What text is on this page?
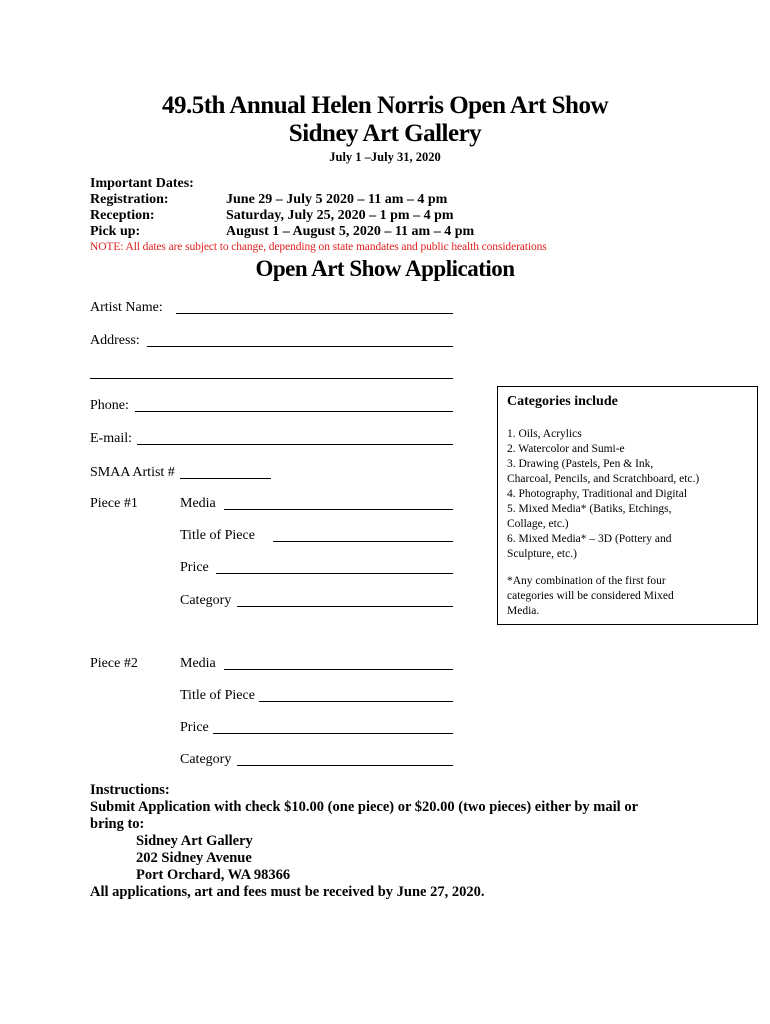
49.5th Annual Helen Norris Open Art Show
Sidney Art Gallery
July 1 –July 31, 2020
Important Dates:
Registration:	June 29 – July 5 2020 – 11 am – 4 pm
Reception:	Saturday, July 25, 2020 – 1 pm – 4 pm
Pick up:	August 1 – August 5, 2020 – 11 am – 4 pm
NOTE: All dates are subject to change, depending on state mandates and public health considerations
Open Art Show Application
Artist Name:
Address:
Phone:
E-mail:
SMAA Artist #
Piece #1	Media
Title of Piece
Price
Category
Piece #2	Media
Title of Piece
Price
Category
Categories include
1. Oils, Acrylics
2. Watercolor and Sumi-e
3. Drawing (Pastels, Pen & Ink,
Charcoal, Pencils, and Scratchboard, etc.)
4. Photography, Traditional and Digital
5. Mixed Media* (Batiks, Etchings,
Collage, etc.)
6. Mixed Media* – 3D (Pottery and
Sculpture, etc.)
*Any combination of the first four
categories will be considered Mixed
Media.
Instructions:
Submit Application with check $10.00 (one piece) or $20.00 (two pieces) either by mail or
bring to:
Sidney Art Gallery
202 Sidney Avenue
Port Orchard, WA 98366
All applications, art and fees must be received by June 27, 2020.
